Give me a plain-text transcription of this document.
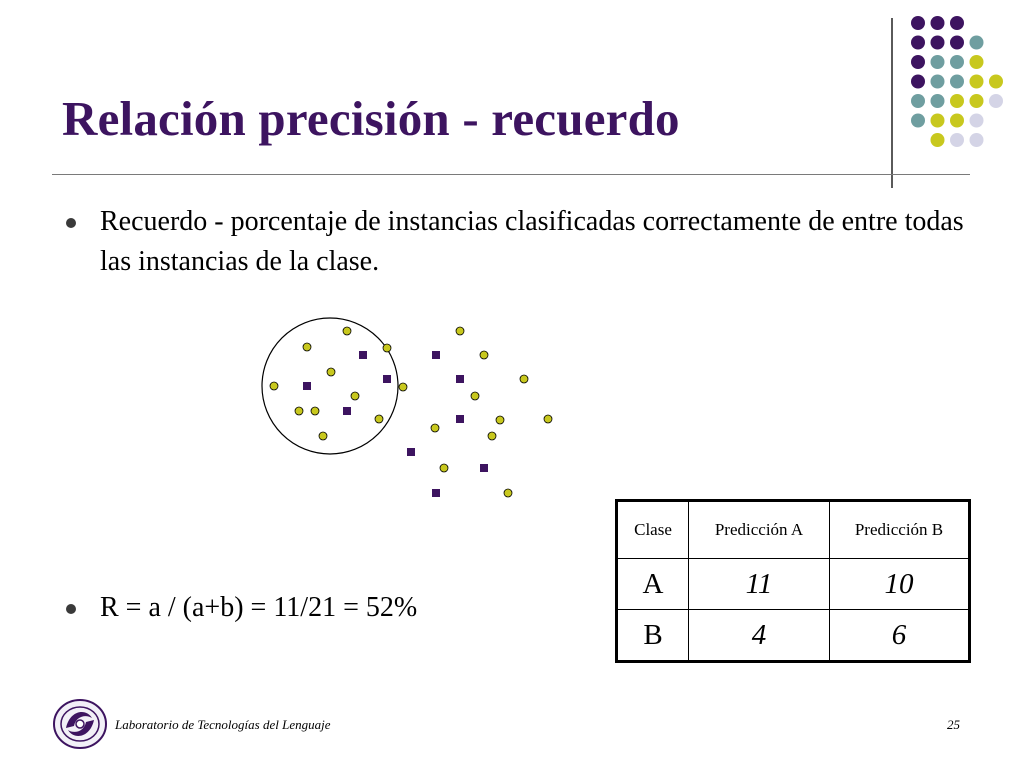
Relación precisión - recuerdo
Recuerdo - porcentaje de instancias clasificadas correctamente de entre todas las instancias de la clase.
R = a / (a+b) = 11/21 = 52%
Clase	Predicción A	Predicción B
A	11	10
B	4	6
Laboratorio de Tecnologías del Lenguaje	25
